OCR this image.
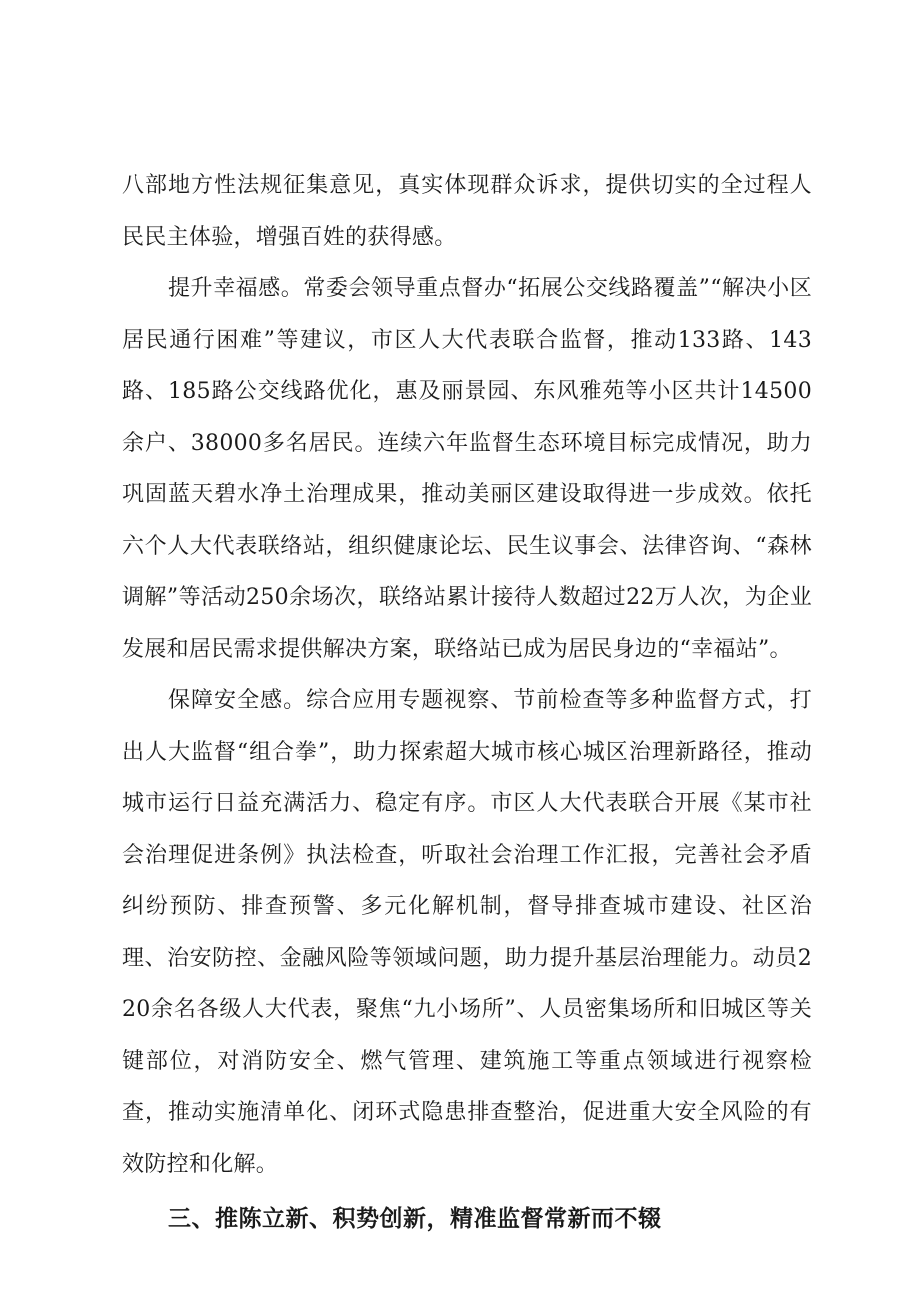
八部地方性法规征集意见，真实体现群众诉求，提供切实的全过程人民民主体验，增强百姓的获得感。

提升幸福感。常委会领导重点督办“拓展公交线路覆盖”“解决小区居民通行困难”等建议，市区人大代表联合监督，推动133路、143路、185路公交线路优化，惠及丽景园、东风雅苑等小区共计14500余户、38000多名居民。连续六年监督生态环境目标完成情况，助力巩固蓝天碧水净土治理成果，推动美丽区建设取得进一步成效。依托六个人大代表联络站，组织健康论坛、民生议事会、法律咨询、“森林调解”等活动250余场次，联络站累计接待人数超过22万人次，为企业发展和居民需求提供解决方案，联络站已成为居民身边的“幸福站”。

保障安全感。综合应用专题视察、节前检查等多种监督方式，打出人大监督“组合拳”，助力探索超大城市核心城区治理新路径，推动城市运行日益充满活力、稳定有序。市区人大代表联合开展《某市社会治理促进条例》执法检查，听取社会治理工作汇报，完善社会矛盾纠纷预防、排查预警、多元化解机制，督导排查城市建设、社区治理、治安防控、金融风险等领域问题，助力提升基层治理能力。动员220余名各级人大代表，聚焦“九小场所”、人员密集场所和旧城区等关键部位，对消防安全、燃气管理、建筑施工等重点领域进行视察检查，推动实施清单化、闭环式隐患排查整治，促进重大安全风险的有效防控和化解。

三、推陈立新、积势创新，精准监督常新而不辍
